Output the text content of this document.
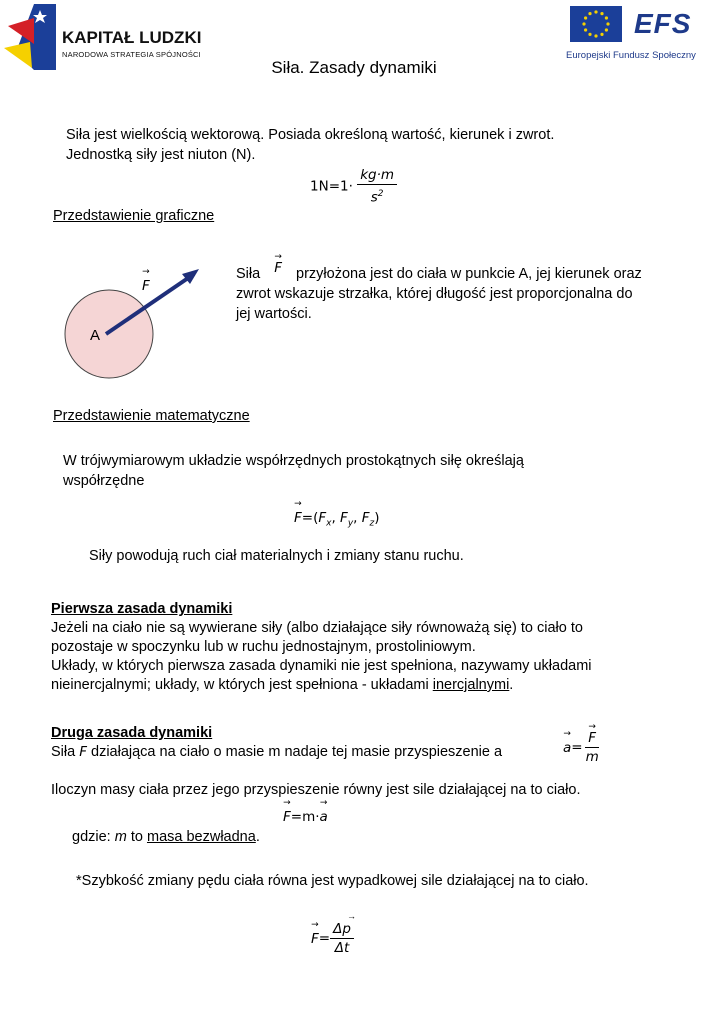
KAPITAŁ LUDZKI
NARODOWA STRATEGIA SPÓJNOŚCI
EFS
Europejski Fundusz Społeczny
Siła. Zasady dynamiki

Siła jest wielkością wektorową. Posiada określoną wartość, kierunek i zwrot.

Jednostką siły jest niuton (N).

$1N=1\cdot \frac{kg\cdot m}{s^2}$

Przedstawienie graficzne

→ F
A

Siła → F przyłożona jest do ciała w punkcie A, jej kierunek oraz

zwrot wskazuje strzałka, której długość jest proporcjonalna do

jej wartości.

Przedstawienie matematyczne

W trójwymiarowym układzie współrzędnych prostokątnych siłę określają

współrzędne

→ $F=(F_x$, $F_y$, $F_z$)

Siły powodują ruch ciał materialnych i zmiany stanu ruchu.

Pierwsza zasada dynamiki

Jeżeli na ciało nie są wywierane siły (albo działające siły równoważą się) to ciało to

pozostaje w spoczynku lub w ruchu jednostajnym, prostoliniowym.

Układy, w których pierwsza zasada dynamiki nie jest spełniona, nazywamy układami

nieinercjalnymi; układy, w których jest spełniona - układami inercjalnymi.

Druga zasada dynamiki

Siła F działająca na ciało o masie m nadaje tej masie przyspieszenie a	→ $a= \to \frac{F}{m}$

Iloczyn masy ciała przez jego przyspieszenie równy jest sile działającej na to ciało.

→ F=m·→ a

gdzie: m to masa bezwładna.

*Szybkość zmiany pędu ciała równa jest wypadkowej sile działającej na to ciało.

→ $F= \frac{\Delta p}{\Delta t}$
→
